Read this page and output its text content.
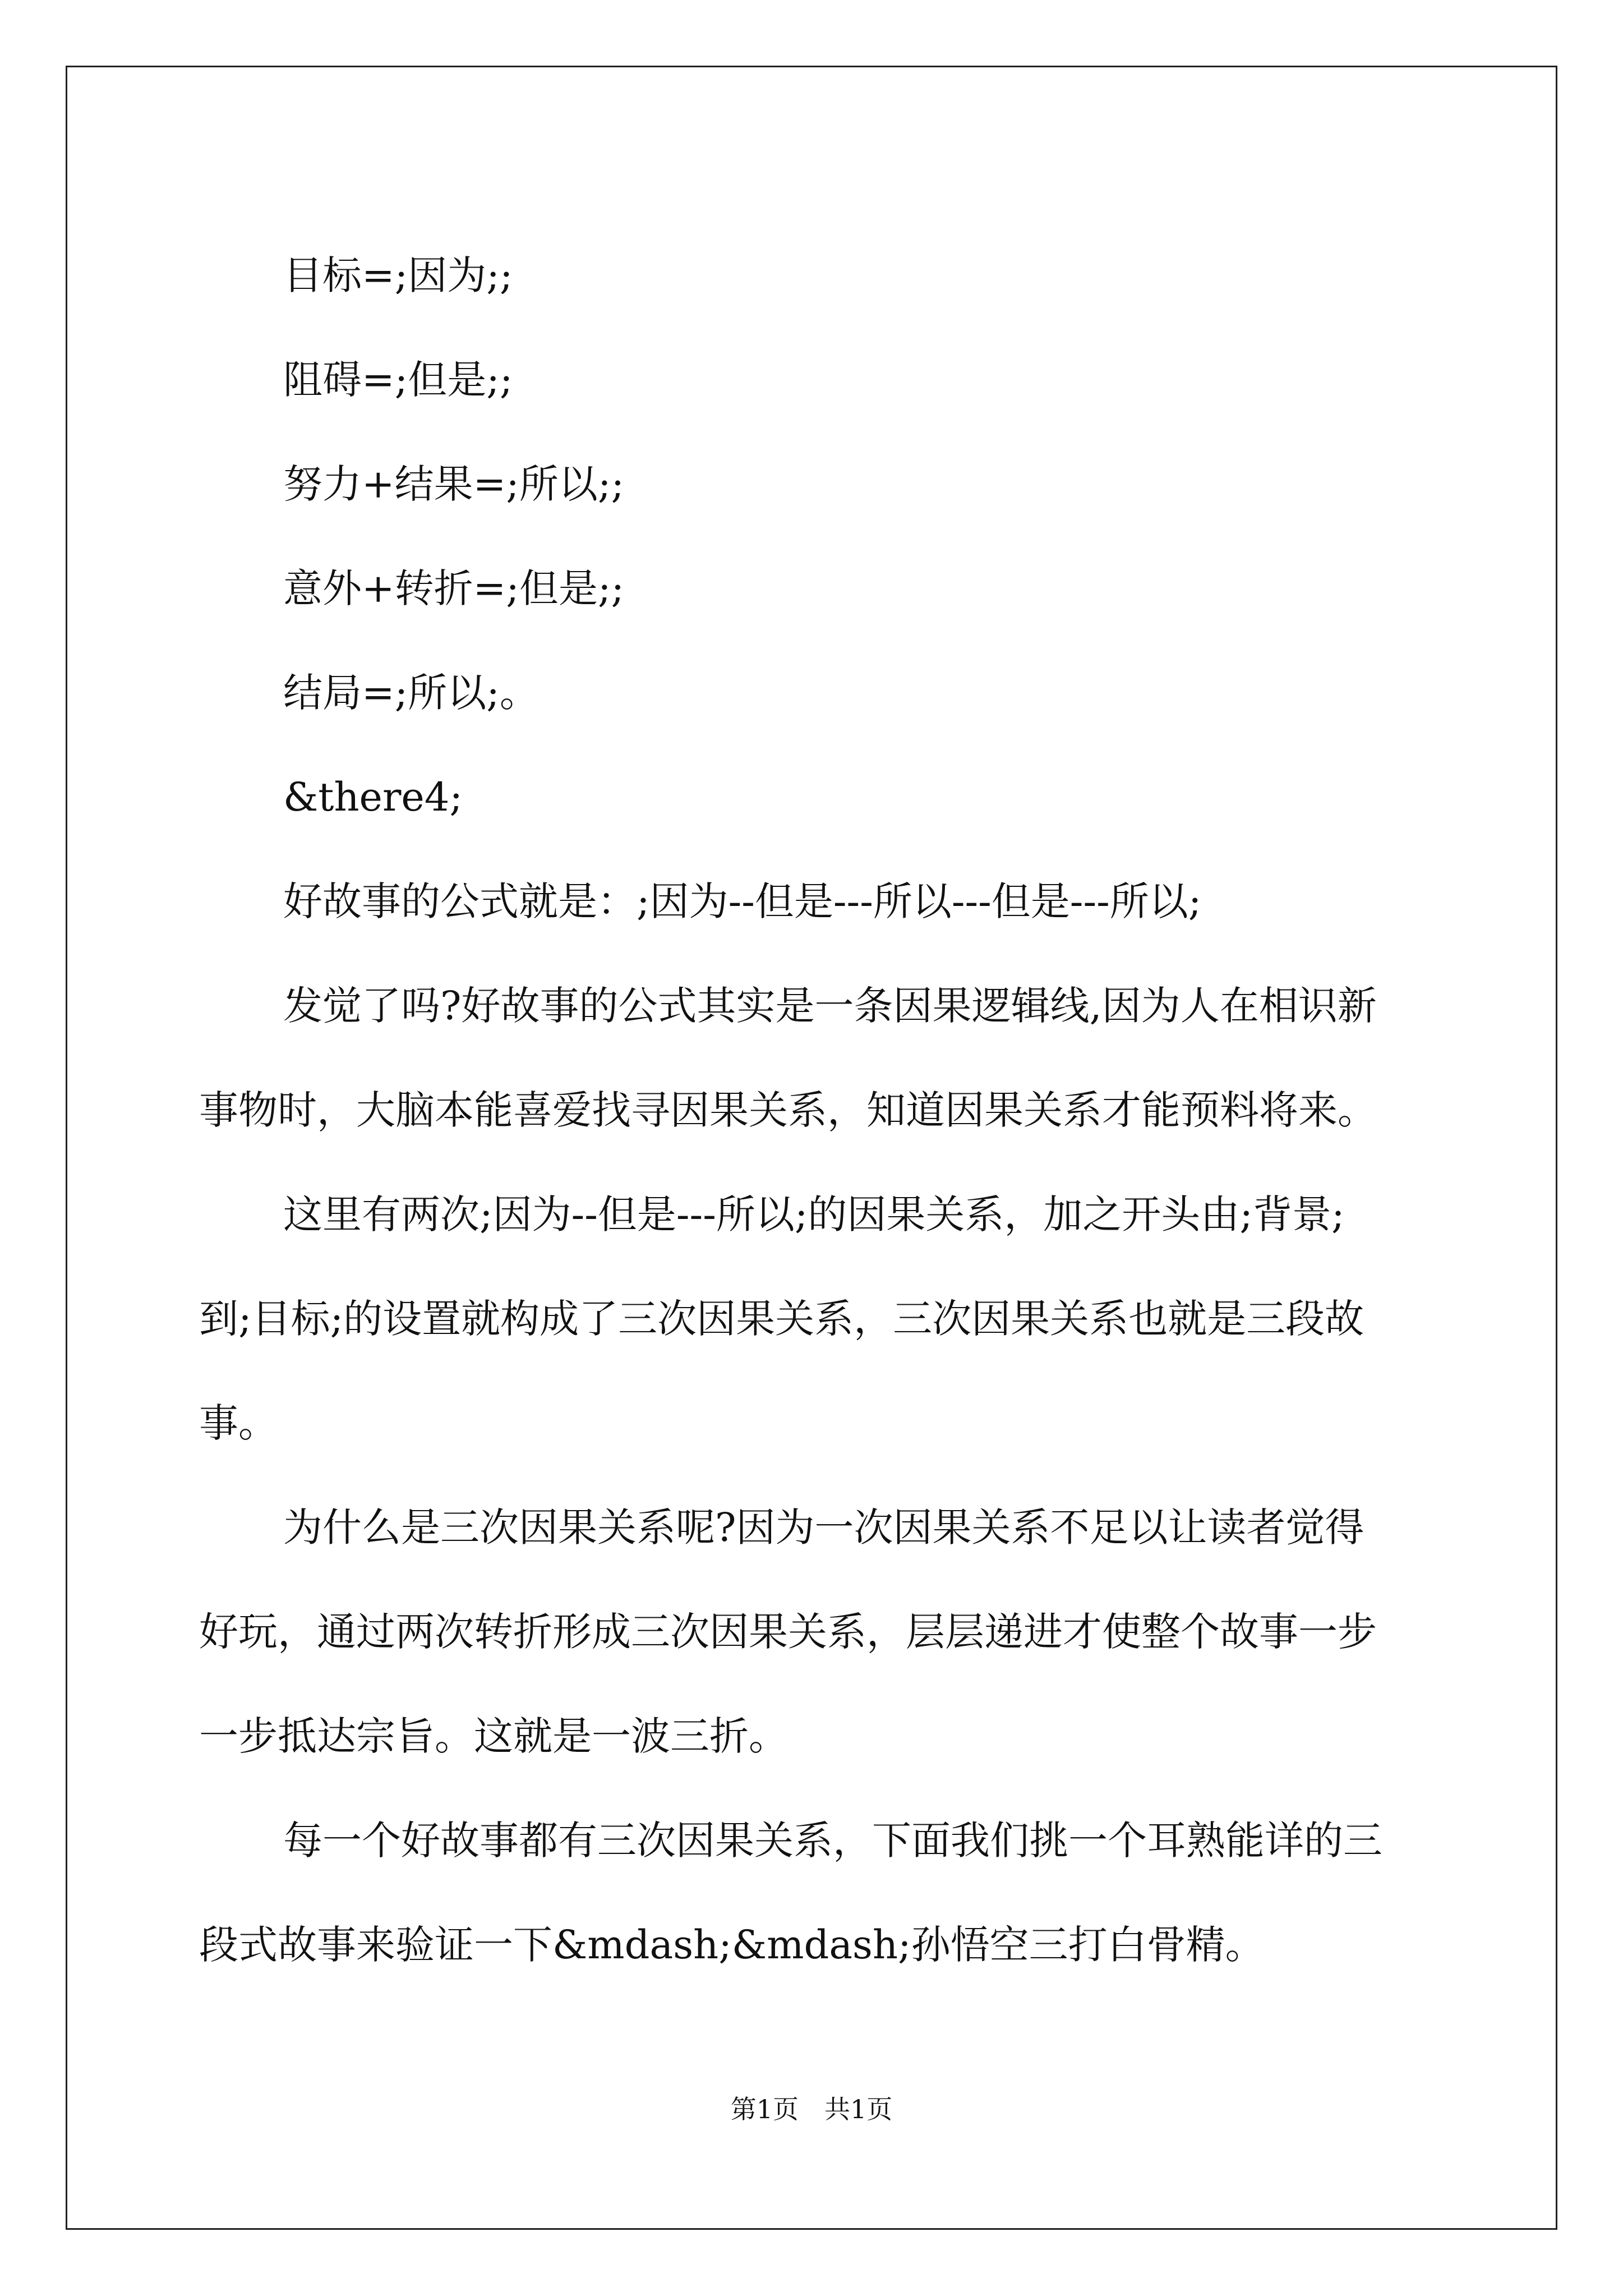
目标=;因为;;
阻碍=;但是;;
努力+结果=;所以;;
意外+转折=;但是;;
结局=;所以;。
&there4;
好故事的公式就是：;因为--但是---所以---但是---所以;
发觉了吗?好故事的公式其实是一条因果逻辑线,因为人在相识新
事物时，大脑本能喜爱找寻因果关系，知道因果关系才能预料将来。
这里有两次;因为--但是---所以;的因果关系，加之开头由;背景;
到;目标;的设置就构成了三次因果关系，三次因果关系也就是三段故
事。
为什么是三次因果关系呢?因为一次因果关系不足以让读者觉得
好玩，通过两次转折形成三次因果关系，层层递进才使整个故事一步
一步抵达宗旨。这就是一波三折。
每一个好故事都有三次因果关系，下面我们挑一个耳熟能详的三
段式故事来验证一下&mdash;&mdash;孙悟空三打白骨精。
第1页　共1页
